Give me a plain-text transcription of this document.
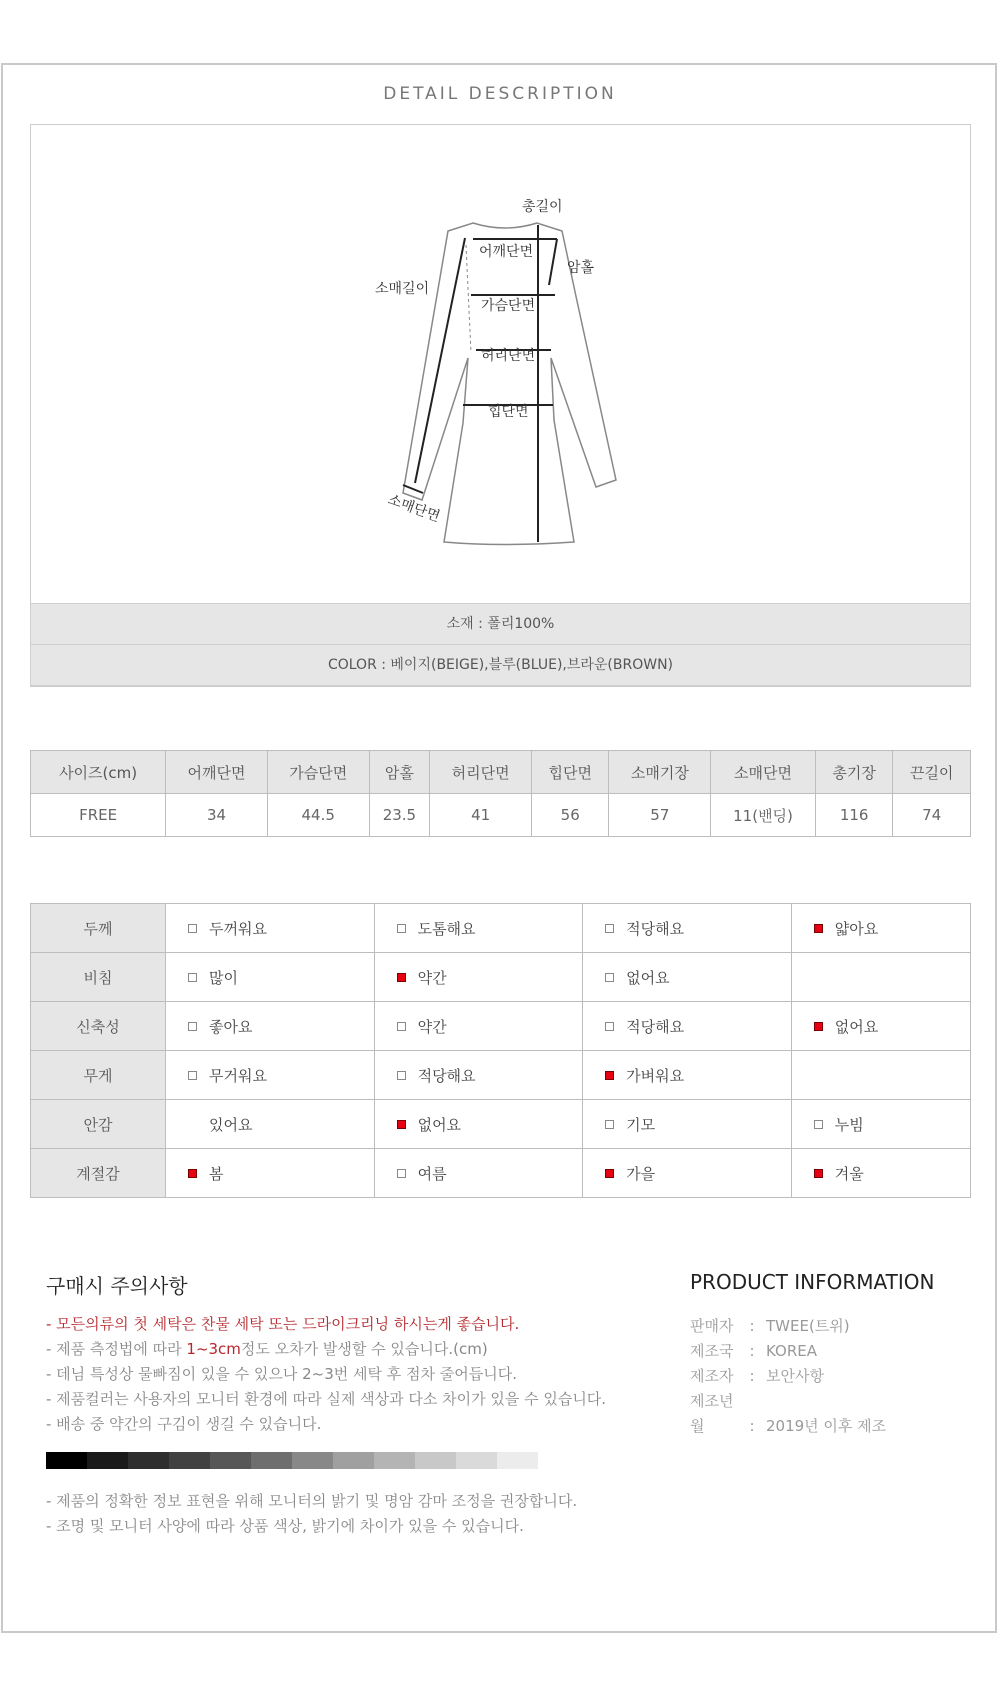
DETAIL DESCRIPTION
총길이
어깨단면
암홀
소매길이
가슴단면
허리단면
소매단면
힙단면
소재 : 폴리100%
COLOR : 베이지(BEIGE),블루(BLUE),브라운(BROWN)
사이즈(cm)	어깨단면	가슴단면	암홀	허리단면	힙단면	소매기장	소매단면	총기장	끈길이
FREE	34	44.5	23.5	41	56	57	11(밴딩)	116	74
두께	두꺼워요	도톰해요	적당해요	얇아요
비침	많이	약간	없어요	
신축성	좋아요	약간	적당해요	없어요
무게	무거워요	적당해요	가벼워요	
안감	있어요	없어요	기모	누빔
계절감	봄	여름	가을	겨울
구매시 주의사항	PRODUCT INFORMATION
- 모든의류의 첫 세탁은 찬물 세탁 또는 드라이크리닝 하시는게 좋습니다.
- 제품 측정법에 따라 1~3cm정도 오차가 발생할 수 있습니다.(cm)
- 데님 특성상 물빠짐이 있을 수 있으나 2~3번 세탁 후 점차 줄어듭니다.
- 제품컬러는 사용자의 모니터 환경에 따라 실제 색상과 다소 차이가 있을 수 있습니다.
- 배송 중 약간의 구김이 생길 수 있습니다.
- 제품의 정확한 정보 표현을 위해 모니터의 밝기 및 명암 감마 조정을 권장합니다.
- 조명 및 모니터 사양에 따라 상품 색상, 밝기에 차이가 있을 수 있습니다.
판매자 : TWEE(트위)
제조국 : KOREA
제조자 : 보안사항
제조년월	: 2019년 이후 제조
